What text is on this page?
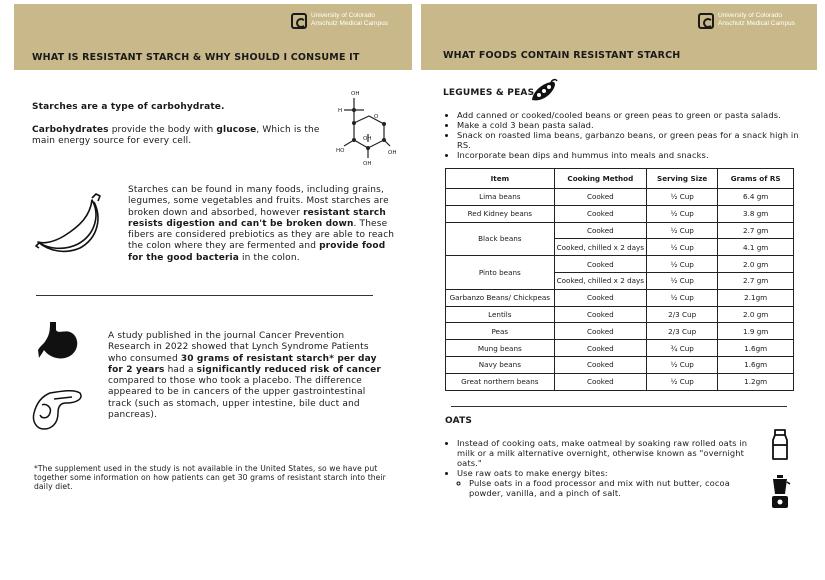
University of Colorado
Anschutz Medical Campus
WHAT IS RESISTANT STARCH & WHY SHOULD I CONSUME IT
Starches are a type of carbohydrate.
Carbohydrates provide the body with glucose, Which is the main energy source for every cell.
OH
H
O
HO
OH
OH
OH
Starches can be found in many foods, including grains, legumes, some vegetables and fruits. Most starches are broken down and absorbed, however resistant starch resists digestion and can't be broken down. These fibers are considered prebiotics as they are able to reach the colon where they are fermented and provide food for the good bacteria in the colon.
A study published in the journal Cancer Prevention Research in 2022 showed that Lynch Syndrome Patients who consumed 30 grams of resistant starch* per day for 2 years had a significantly reduced risk of cancer compared to those who took a placebo. The difference appeared to be in cancers of the upper gastrointestinal track (such as stomach, upper intestine, bile duct and pancreas).
*The supplement used in the study is not available in the United States, so we have put together some information on how patients can get 30 grams of resistant starch into their daily diet.
University of Colorado
Anschutz Medical Campus
WHAT FOODS CONTAIN RESISTANT STARCH
LEGUMES & PEAS
• Add canned or cooked/cooled beans or green peas to green or pasta salads.
• Make a cold 3 bean pasta salad.
• Snack on roasted lima beans, garbanzo beans, or green peas for a snack high in RS.
• Incorporate bean dips and hummus into meals and snacks.
Item	Cooking Method	Serving Size	Grams of RS
Lima beans	Cooked	½ Cup	6.4 gm
Red Kidney beans	Cooked	½ Cup	3.8 gm
Black beans	Cooked	½ Cup	2.7 gm
	Cooked, chilled x 2 days	½ Cup	4.1 gm
Pinto beans	Cooked	½ Cup	2.0 gm
	Cooked, chilled x 2 days	½ Cup	2.7 gm
Garbanzo Beans/ Chickpeas	Cooked	½ Cup	2.1gm
Lentils	Cooked	2/3 Cup	2.0 gm
Peas	Cooked	2/3 Cup	1.9 gm
Mung beans	Cooked	¾ Cup	1.6gm
Navy beans	Cooked	½ Cup	1.6gm
Great northern beans	Cooked	½ Cup	1.2gm
OATS
• Instead of cooking oats, make oatmeal by soaking raw rolled oats in milk or a milk alternative overnight, otherwise known as "overnight oats."
• Use raw oats to make energy bites:
◦ Pulse oats in a food processor and mix with nut butter, cocoa powder, vanilla, and a pinch of salt.
